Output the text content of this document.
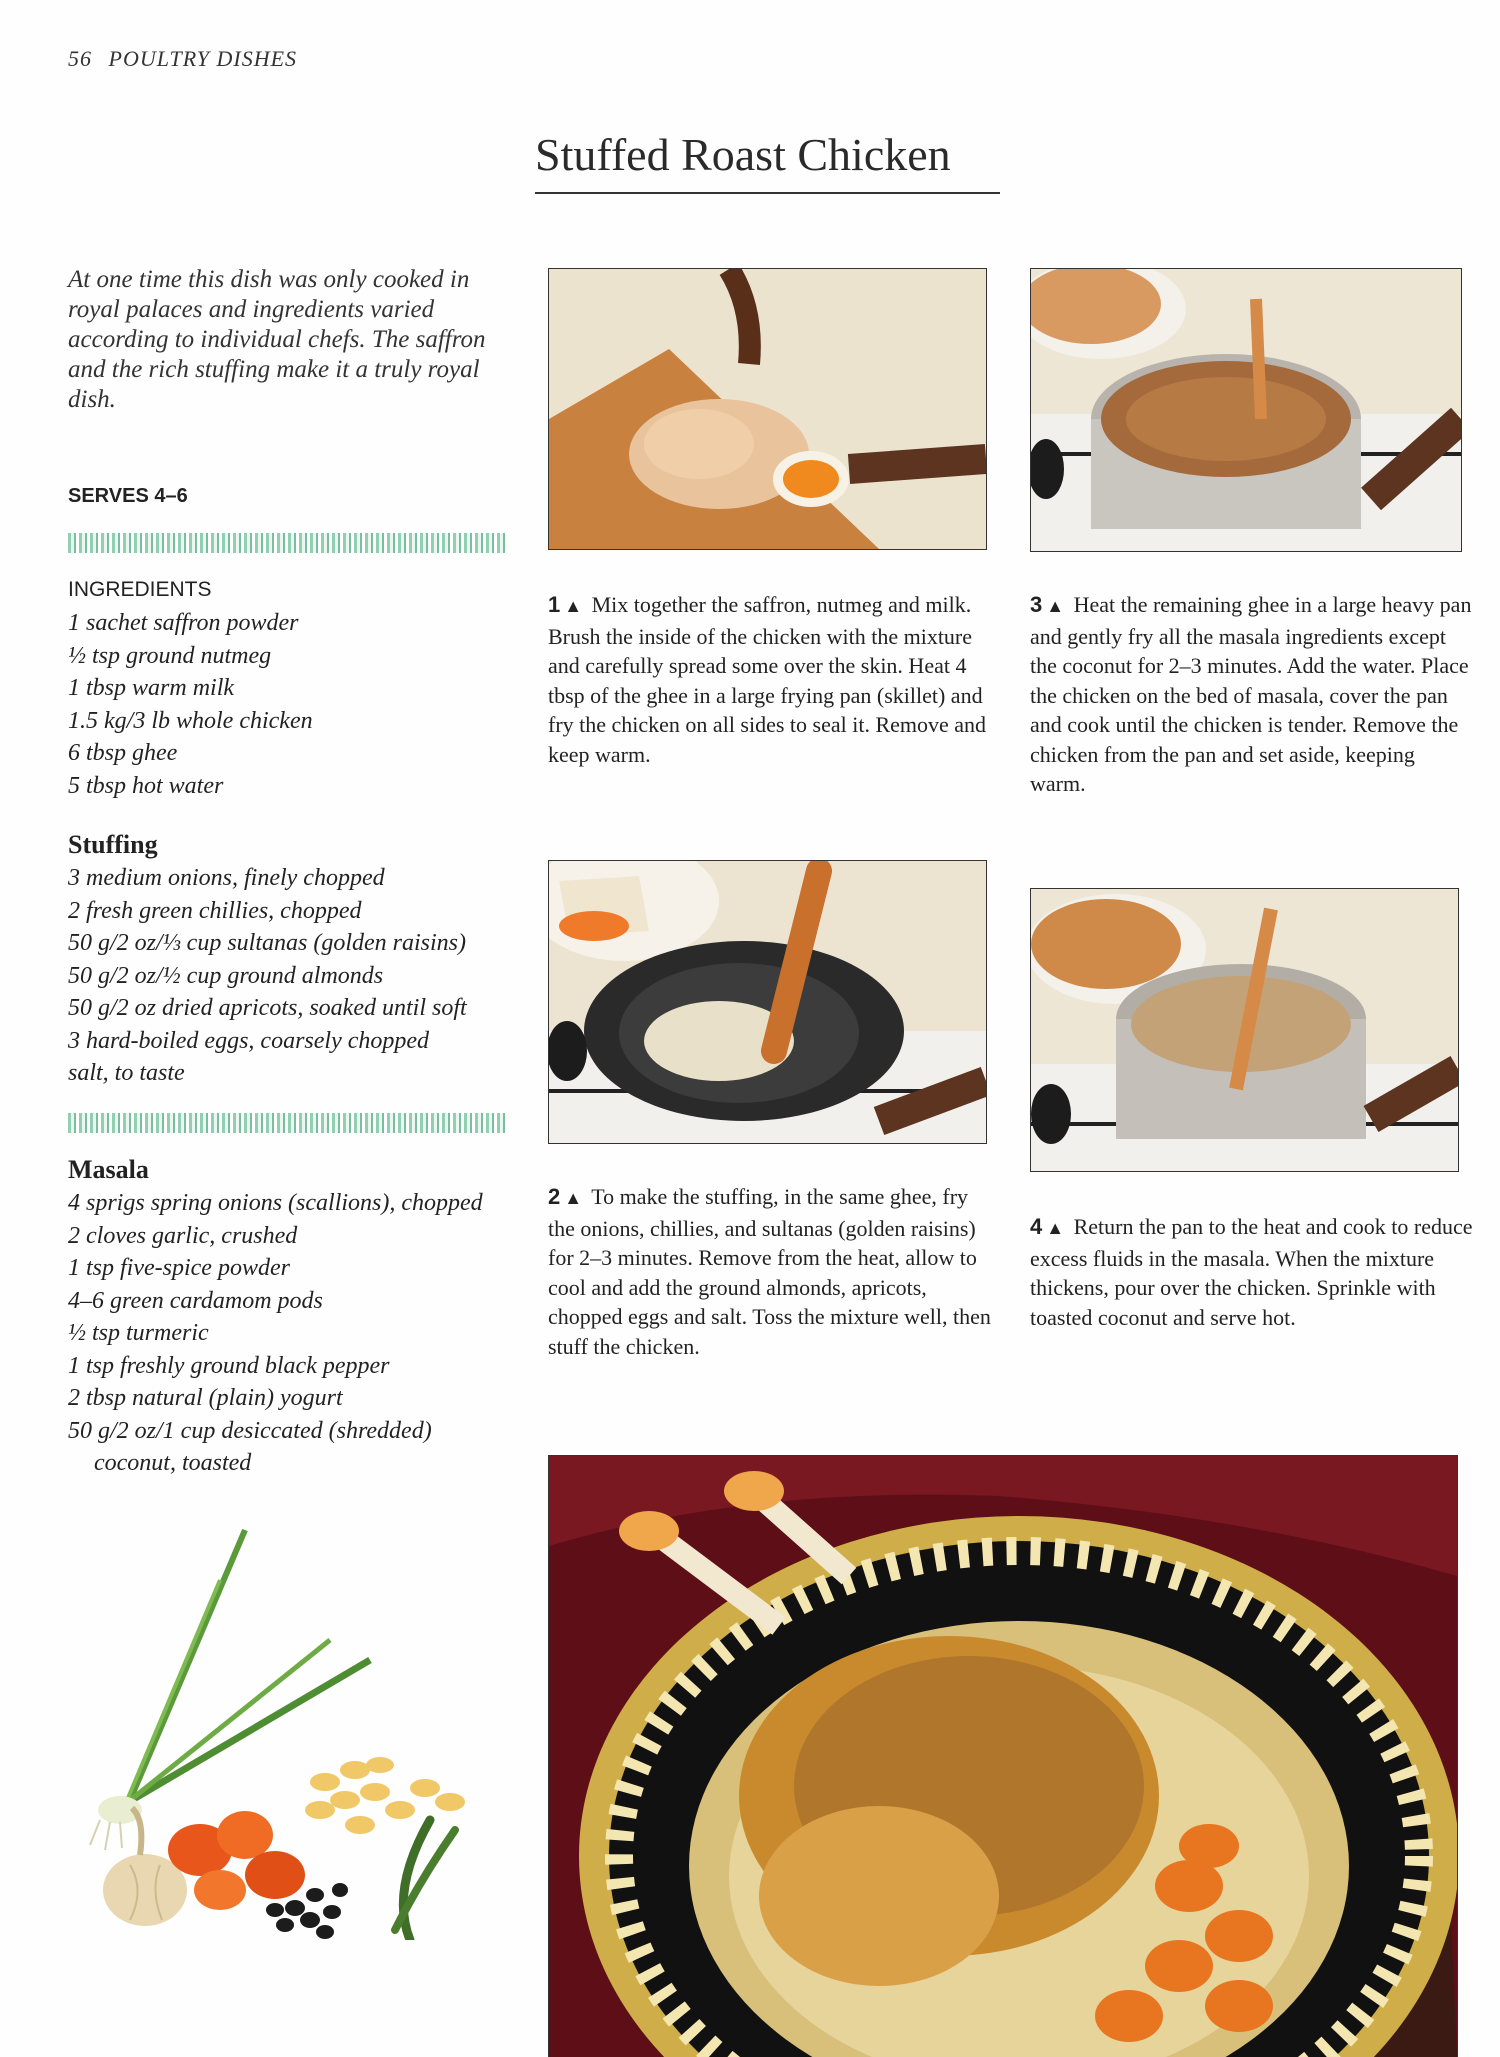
56 POULTRY DISHES
Stuffed Roast Chicken
At one time this dish was only cooked in royal palaces and ingredients varied according to individual chefs. The saffron and the rich stuffing make it a truly royal dish.
SERVES 4–6
INGREDIENTS
1 sachet saffron powder
½ tsp ground nutmeg
1 tbsp warm milk
1.5 kg/3 lb whole chicken
6 tbsp ghee
5 tbsp hot water
Stuffing
3 medium onions, finely chopped
2 fresh green chillies, chopped
50 g/2 oz/⅓ cup sultanas (golden raisins)
50 g/2 oz/½ cup ground almonds
50 g/2 oz dried apricots, soaked until soft
3 hard-boiled eggs, coarsely chopped
salt, to taste
Masala
4 sprigs spring onions (scallions), chopped
2 cloves garlic, crushed
1 tsp five-spice powder
4–6 green cardamom pods
½ tsp turmeric
1 tsp freshly ground black pepper
2 tbsp natural (plain) yogurt
50 g/2 oz/1 cup desiccated (shredded)
coconut, toasted
1 ▲ Mix together the saffron, nutmeg and milk. Brush the inside of the chicken with the mixture and carefully spread some over the skin. Heat 4 tbsp of the ghee in a large frying pan (skillet) and fry the chicken on all sides to seal it. Remove and keep warm.
3 ▲ Heat the remaining ghee in a large heavy pan and gently fry all the masala ingredients except the coconut for 2–3 minutes. Add the water. Place the chicken on the bed of masala, cover the pan and cook until the chicken is tender. Remove the chicken from the pan and set aside, keeping warm.
2 ▲ To make the stuffing, in the same ghee, fry the onions, chillies, and sultanas (golden raisins) for 2–3 minutes. Remove from the heat, allow to cool and add the ground almonds, apricots, chopped eggs and salt. Toss the mixture well, then stuff the chicken.
4 ▲ Return the pan to the heat and cook to reduce excess fluids in the masala. When the mixture thickens, pour over the chicken. Sprinkle with toasted coconut and serve hot.
